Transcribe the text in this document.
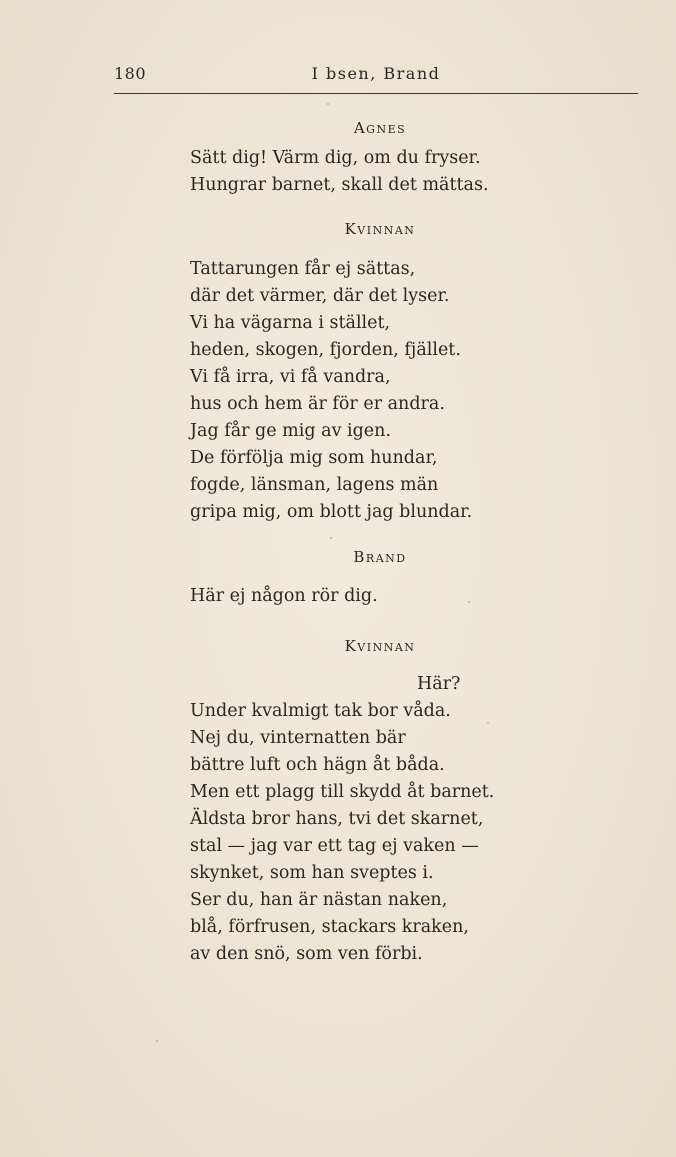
180	I bsen, Brand
Agnes
Sätt dig! Värm dig, om du fryser.
Hungrar barnet, skall det mättas.
Kvinnan
Tattarungen får ej sättas,
där det värmer, där det lyser.
Vi ha vägarna i stället,
heden, skogen, fjorden, fjället.
Vi få irra, vi få vandra,
hus och hem är för er andra.
Jag får ge mig av igen.
De förfölja mig som hundar,
fogde, länsman, lagens män
gripa mig, om blott jag blundar.
Brand
Här ej någon rör dig.
Kvinnan
Här?
Under kvalmigt tak bor våda.
Nej du, vinternatten bär
bättre luft och hägn åt båda.
Men ett plagg till skydd åt barnet.
Äldsta bror hans, tvi det skarnet,
stal — jag var ett tag ej vaken —
skynket, som han sveptes i.
Ser du, han är nästan naken,
blå, förfrusen, stackars kraken,
av den snö, som ven förbi.
